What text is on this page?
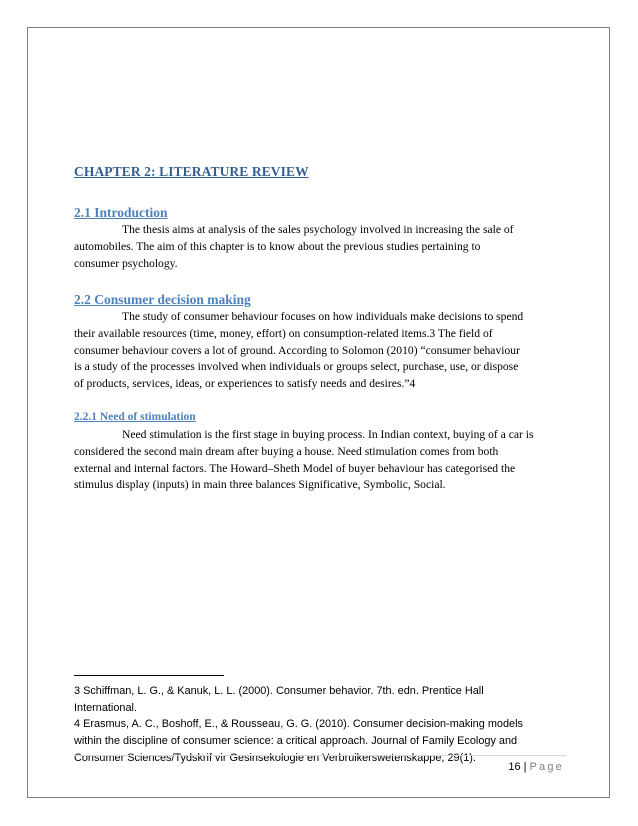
CHAPTER 2: LITERATURE REVIEW
2.1 Introduction
The thesis aims at analysis of the sales psychology involved in increasing the sale of
automobiles. The aim of this chapter is to know about the previous studies pertaining to
consumer psychology.
2.2 Consumer decision making
The study of consumer behaviour focuses on how individuals make decisions to spend
their available resources (time, money, effort) on consumption-related items.3 The field of
consumer behaviour covers a lot of ground. According to Solomon (2010) “consumer behaviour
is a study of the processes involved when individuals or groups select, purchase, use, or dispose
of products, services, ideas, or experiences to satisfy needs and desires.”4
2.2.1 Need of stimulation
Need stimulation is the first stage in buying process. In Indian context, buying of a car is
considered the second main dream after buying a house. Need stimulation comes from both
external and internal factors. The Howard–Sheth Model of buyer behaviour has categorised the
stimulus display (inputs) in main three balances Significative, Symbolic, Social.
3 Schiffman, L. G., & Kanuk, L. L. (2000). Consumer behavior. 7th. edn. Prentice Hall
International.
4 Erasmus, A. C., Boshoff, E., & Rousseau, G. G. (2010). Consumer decision-making models
within the discipline of consumer science: a critical approach. Journal of Family Ecology and
Consumer Sciences/Tydskrif vir Gesinsekologie en Verbruikerswetenskappe, 29(1).
16 | Page
